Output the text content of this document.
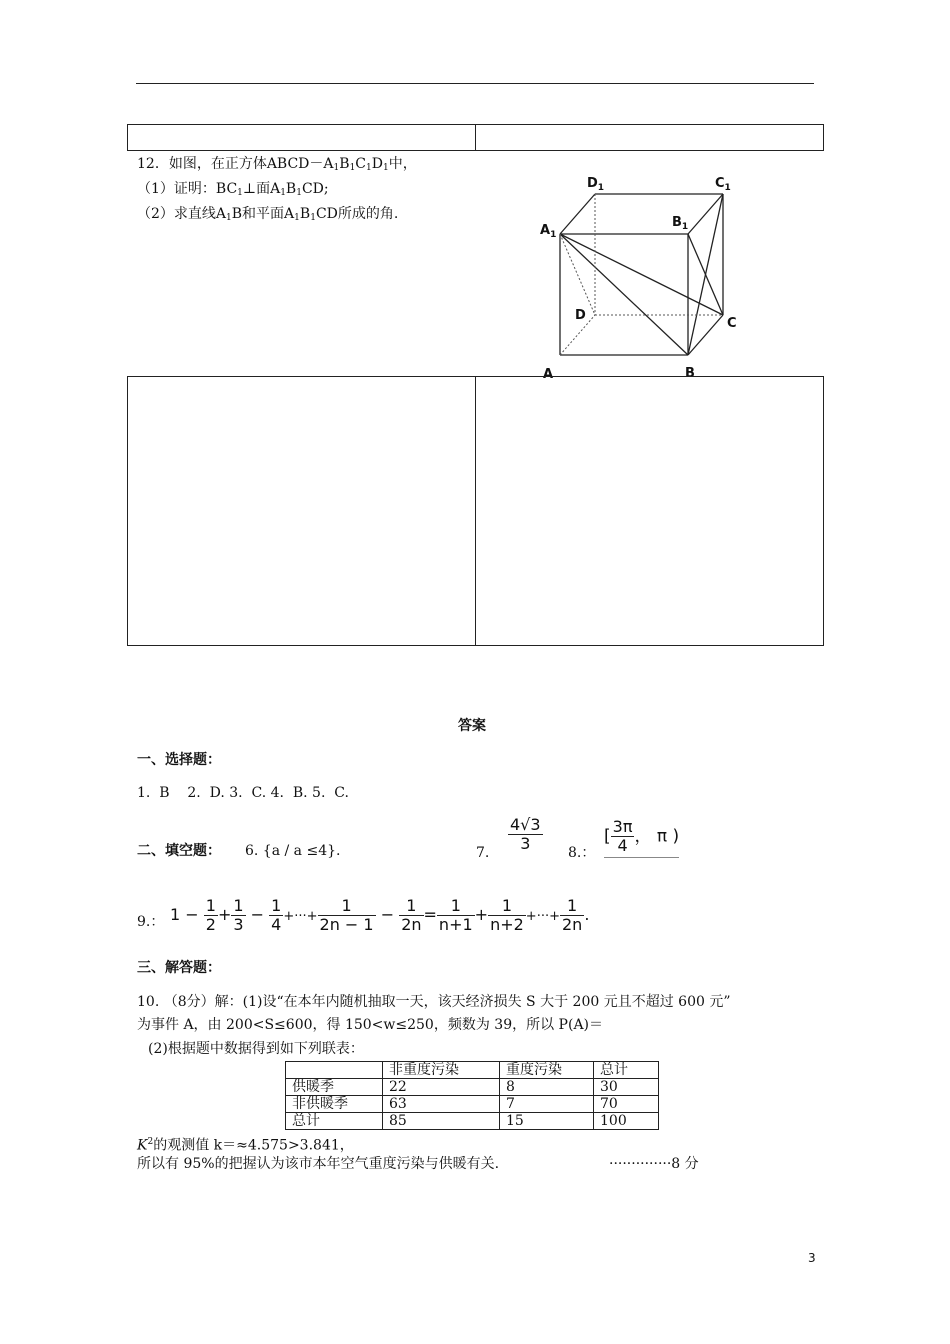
12．如图，在正方体$ABCD-A_1B_1C_1D_1$中，
（1）证明：$BC_1\perp$面$A_1B_1CD$;
（2）求直线$A_1B$和平面$A_1B_1CD$所成的角.
$D_1$	$C_1$
$B_1$
$A_1$
D
C
A	B
答案
一、选择题：
1.  B    2.  D. 3.  C. 4.  B. 5.  C.
二、填空题： 6. {a / a ≤4}.	7. $\frac{4√3}{3} 8$.：
[ $\frac{3\pi}{4}$ ， π )
9.： $1 - \frac{1}{2} + \frac{1}{3} - \frac{1}{4}$ +···+ $\frac{1}{2n - 1} - \frac{1}{2n} = \frac{1}{n+1} + \frac{1}{n+2}$ +···+ $\frac{1}{2n}$ .
三、解答题：
10. （8分）解：(1)设“在本年内随机抽取一天，该天经济损失 S 大于 200 元且不超过 600 元”
为事件 A，由 200<S≤600，得 150<w≤250，频数为 39，所以 P(A)＝
(2)根据题中数据得到如下列联表：
	非重度污染	重度污染	总计
供暖季	22	8	30
非供暖季	63	7	70
总计	85	15	100
$K^2$的观测值 k＝≈4.575>3.841，
所以有 95%的把握认为该市本年空气重度污染与供暖有关.	··············8 分
3
